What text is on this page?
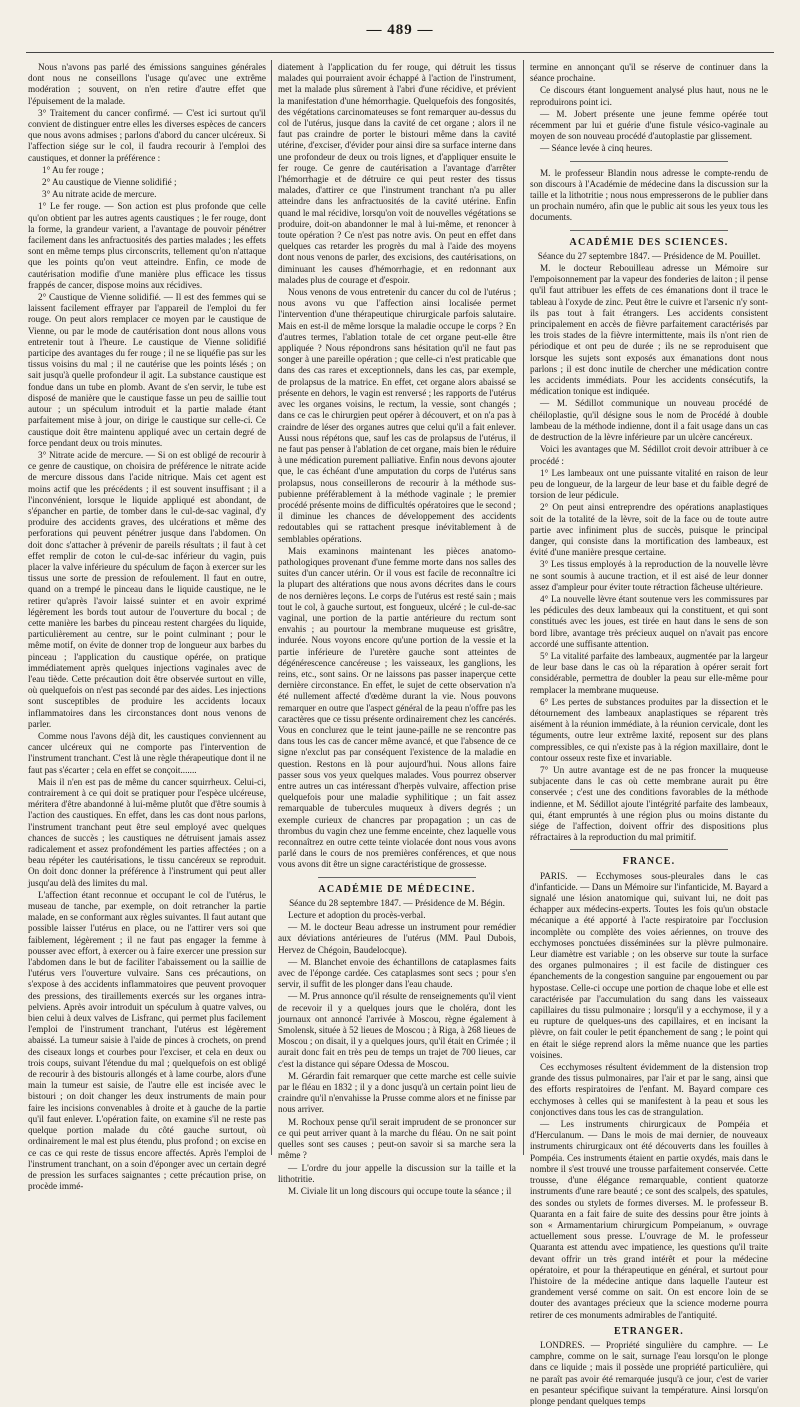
— 489 —

Nous n'avons pas parlé des émissions sanguines générales dont nous ne conseillons l'usage qu'avec une extrême modération ; souvent, on n'en retire d'autre effet que l'épuisement de la malade.

3° Traitement du cancer confirmé. — C'est ici surtout qu'il convient de distinguer entre elles les diverses espèces de cancers que nous avons admises ; parlons d'abord du cancer ulcéreux. Si l'affection siége sur le col, il faudra recourir à l'emploi des caustiques, et donner la préférence :

1° Au fer rouge ;

2° Au caustique de Vienne solidifié ;

3° Au nitrate acide de mercure.

1° Le fer rouge. — Son action est plus profonde que celle qu'on obtient par les autres agents caustiques ; le fer rouge, dont la forme, la grandeur varient, a l'avantage de pouvoir pénétrer facilement dans les anfractuosités des parties malades ; les effets sont en même temps plus circonscrits, tellement qu'on n'attaque que les points qu'on veut atteindre. Enfin, ce mode de cautérisation modifie d'une manière plus efficace les tissus frappés de cancer, dispose moins aux récidives.

2° Caustique de Vienne solidifié. — Il est des femmes qui se laissent facilement effrayer par l'appareil de l'emploi du fer rouge. On peut alors remplacer ce moyen par le caustique de Vienne, ou par le mode de cautérisation dont nous allons vous entretenir tout à l'heure. Le caustique de Vienne solidifié participe des avantages du fer rouge ; il ne se liquéfie pas sur les tissus voisins du mal ; il ne cautérise que les points lésés ; on sait jusqu'à quelle profondeur il agit. La substance caustique est fondue dans un tube en plomb. Avant de s'en servir, le tube est disposé de manière que le caustique fasse un peu de saillie tout autour ; un spéculum introduit et la partie malade étant parfaitement mise à jour, on dirige le caustique sur celle-ci. Ce caustique doit être maintenu appliqué avec un certain degré de force pendant deux ou trois minutes.

3° Nitrate acide de mercure. — Si on est obligé de recourir à ce genre de caustique, on choisira de préférence le nitrate acide de mercure dissous dans l'acide nitrique. Mais cet agent est moins actif que les précédents ; il est souvent insuffisant ; il a l'inconvénient, lorsque le liquide appliqué est abondant, de s'épancher en partie, de tomber dans le cul-de-sac vaginal, d'y produire des accidents graves, des ulcérations et même des perforations qui peuvent pénétrer jusque dans l'abdomen. On doit donc s'attacher à prévenir de pareils résultats ; il faut à cet effet remplir de coton le cul-de-sac inférieur du vagin, puis placer la valve inférieure du spéculum de façon à exercer sur les tissus une sorte de pression de refoulement. Il faut en outre, quand on a trempé le pinceau dans le liquide caustique, ne le retirer qu'après l'avoir laissé suinter et en avoir exprimé légèrement les bords tout autour de l'ouverture du bocal ; de cette manière les barbes du pinceau restent chargées du liquide, particulièrement au centre, sur le point culminant ; pour le même motif, on évite de donner trop de longueur aux barbes du pinceau ; l'application du caustique opérée, on pratique immédiatement après quelques injections vaginales avec de l'eau tiède. Cette précaution doit être observée surtout en ville, où quelquefois on n'est pas secondé par des aides. Les injections sont susceptibles de produire les accidents locaux inflammatoires dans les circonstances dont nous venons de parler.

Comme nous l'avons déjà dit, les caustiques conviennent au cancer ulcéreux qui ne comporte pas l'intervention de l'instrument tranchant. C'est là une règle thérapeutique dont il ne faut pas s'écarter ; cela en effet se conçoit.......

Mais il n'en est pas de même du cancer squirrheux. Celui-ci, contrairement à ce qui doit se pratiquer pour l'espèce ulcéreuse, méritera d'être abandonné à lui-même plutôt que d'être soumis à l'action des caustiques. En effet, dans les cas dont nous parlons, l'instrument tranchant peut être seul employé avec quelques chances de succès ; les caustiques ne détruisent jamais assez radicalement et assez profondément les parties affectées ; on a beau répéter les cautérisations, le tissu cancéreux se reproduit. On doit donc donner la préférence à l'instrument qui peut aller jusqu'au delà des limites du mal.

L'affection étant reconnue et occupant le col de l'utérus, le museau de tanche, par exemple, on doit retrancher la partie malade, en se conformant aux règles suivantes. Il faut autant que possible laisser l'utérus en place, ou ne l'attirer vers soi que faiblement, légèrement ; il ne faut pas engager la femme à pousser avec effort, à exercer ou à faire exercer une pression sur l'abdomen dans le but de faciliter l'abaissement ou la saillie de l'utérus vers l'ouverture vulvaire. Sans ces précautions, on s'expose à des accidents inflammatoires que peuvent provoquer des pressions, des tiraillements exercés sur les organes intra-pelviens. Après avoir introduit un spéculum à quatre valves, ou bien celui à deux valves de Lisfranc, qui permet plus facilement l'emploi de l'instrument tranchant, l'utérus est légèrement abaissé. La tumeur saisie à l'aide de pinces à crochets, on prend des ciseaux longs et courbes pour l'exciser, et cela en deux ou trois coups, suivant l'étendue du mal ; quelquefois on est obligé de recourir à des bistouris allongés et à lame courbe, alors d'une main la tumeur est saisie, de l'autre elle est incisée avec le bistouri ; on doit changer les deux instruments de main pour faire les incisions convenables à droite et à gauche de la partie qu'il faut enlever. L'opération faite, on examine s'il ne reste pas quelque portion malade du côté gauche surtout, où ordinairement le mal est plus étendu, plus profond ; on excise en ce cas ce qui reste de tissus encore affectés. Après l'emploi de l'instrument tranchant, on a soin d'éponger avec un certain degré de pression les surfaces saignantes ; cette précaution prise, on procède immé-

diatement à l'application du fer rouge, qui détruit les tissus malades qui pourraient avoir échappé à l'action de l'instrument, met la malade plus sûrement à l'abri d'une récidive, et prévient la manifestation d'une hémorrhagie. Quelquefois des fongosités, des végétations carcinomateuses se font remarquer au-dessus du col de l'utérus, jusque dans la cavité de cet organe ; alors il ne faut pas craindre de porter le bistouri même dans la cavité utérine, d'exciser, d'évider pour ainsi dire sa surface interne dans une profondeur de deux ou trois lignes, et d'appliquer ensuite le fer rouge. Ce genre de cautérisation a l'avantage d'arrêter l'hémorrhagie et de détruire ce qui peut rester des tissus malades, d'attirer ce que l'instrument tranchant n'a pu aller atteindre dans les anfractuosités de la cavité utérine. Enfin quand le mal récidive, lorsqu'on voit de nouvelles végétations se produire, doit-on abandonner le mal à lui-même, et renoncer à toute opération ? Ce n'est pas notre avis. On peut en effet dans quelques cas retarder les progrès du mal à l'aide des moyens dont nous venons de parler, des excisions, des cautérisations, on diminuant les causes d'hémorrhagie, et en redonnant aux malades plus de courage et d'espoir.

Nous venons de vous entretenir du cancer du col de l'utérus ; nous avons vu que l'affection ainsi localisée permet l'intervention d'une thérapeutique chirurgicale parfois salutaire. Mais en est-il de même lorsque la maladie occupe le corps ? En d'autres termes, l'ablation totale de cet organe peut-elle être appliquée ? Nous répondrons sans hésitation qu'il ne faut pas songer à une pareille opération ; que celle-ci n'est praticable que dans des cas rares et exceptionnels, dans les cas, par exemple, de prolapsus de la matrice. En effet, cet organe alors abaissé se présente en dehors, le vagin est renversé ; les rapports de l'utérus avec les organes voisins, le rectum, la vessie, sont changés ; dans ce cas le chirurgien peut opérer à découvert, et on n'a pas à craindre de léser des organes autres que celui qu'il a fait enlever. Aussi nous répétons que, sauf les cas de prolapsus de l'utérus, il ne faut pas penser à l'ablation de cet organe, mais bien le réduire à une médication purement palliative. Enfin nous devons ajouter que, le cas échéant d'une amputation du corps de l'utérus sans prolapsus, nous conseillerons de recourir à la méthode sus-pubienne préférablement à la méthode vaginale ; le premier procédé présente moins de difficultés opératoires que le second ; il diminue les chances de développement des accidents redoutables qui se rattachent presque inévitablement à de semblables opérations.

Mais examinons maintenant les pièces anatomo-pathologiques provenant d'une femme morte dans nos salles des suites d'un cancer utérin. Or il vous est facile de reconnaître ici la plupart des altérations que nous avons décrites dans le cours de nos dernières leçons. Le corps de l'utérus est resté sain ; mais tout le col, à gauche surtout, est fongueux, ulcéré ; le cul-de-sac vaginal, une portion de la partie antérieure du rectum sont envahis ; au pourtour la membrane muqueuse est grisâtre, indurée. Nous voyons encore qu'une portion de la vessie et la partie inférieure de l'uretère gauche sont atteintes de dégénérescence cancéreuse ; les vaisseaux, les ganglions, les reins, etc., sont sains. Or ne laissons pas passer inaperçue cette dernière circonstance. En effet, le sujet de cette observation n'a été nullement affecté d'œdème durant la vie. Nous pouvons remarquer en outre que l'aspect général de la peau n'offre pas les caractères que ce tissu présente ordinairement chez les cancérés. Vous en conclurez que le teint jaune-paille ne se rencontre pas dans tous les cas de cancer même avancé, et que l'absence de ce signe n'exclut pas par conséquent l'existence de la maladie en question. Restons en là pour aujourd'hui. Nous allons faire passer sous vos yeux quelques malades. Vous pourrez observer entre autres un cas intéressant d'herpès vulvaire, affection prise quelquefois pour une maladie syphilitique ; un fait assez remarquable de tubercules muqueux à divers degrés ; un exemple curieux de chancres par propagation ; un cas de thrombus du vagin chez une femme enceinte, chez laquelle vous reconnaîtrez en outre cette teinte violacée dont nous vous avons parlé dans le cours de nos premières conférences, et que nous vous avons dit être un signe caractéristique de grossesse.

ACADÉMIE DE MÉDECINE.

Séance du 28 septembre 1847. — Présidence de M. Bégin.

Lecture et adoption du procès-verbal.

— M. le docteur Beau adresse un instrument pour remédier aux déviations antérieures de l'utérus (MM. Paul Dubois, Hervez de Chégoin, Baudelocque).

— M. Blanchet envoie des échantillons de cataplasmes faits avec de l'éponge cardée. Ces cataplasmes sont secs ; pour s'en servir, il suffit de les plonger dans l'eau chaude.

— M. Prus annonce qu'il résulte de renseignements qu'il vient de recevoir il y a quelques jours que le choléra, dont les journaux ont annoncé l'arrivée à Moscou, règne également à Smolensk, située à 52 lieues de Moscou ; à Riga, à 268 lieues de Moscou ; on disait, il y a quelques jours, qu'il était en Crimée ; il aurait donc fait en très peu de temps un trajet de 700 lieues, car c'est la distance qui sépare Odessa de Moscou.

M. Gérardin fait remarquer que cette marche est celle suivie par le fléau en 1832 ; il y a donc jusqu'à un certain point lieu de craindre qu'il n'envahisse la Prusse comme alors et ne finisse par nous arriver.

M. Rochoux pense qu'il serait imprudent de se prononcer sur ce qui peut arriver quant à la marche du fléau. On ne sait point quelles sont ses causes ; peut-on savoir si sa marche sera la même ?

— L'ordre du jour appelle la discussion sur la taille et la lithotritie.

M. Civiale lit un long discours qui occupe toute la séance ; il

termine en annonçant qu'il se réserve de continuer dans la séance prochaine.

Ce discours étant longuement analysé plus haut, nous ne le reproduirons point ici.

— M. Jobert présente une jeune femme opérée tout récemment par lui et guérie d'une fistule vésico-vaginale au moyen de son nouveau procédé d'autoplastie par glissement.

— Séance levée à cinq heures.

M. le professeur Blandin nous adresse le compte-rendu de son discours à l'Académie de médecine dans la discussion sur la taille et la lithotritie ; nous nous empresserons de le publier dans un prochain numéro, afin que le public ait sous les yeux tous les documents.

ACADÉMIE DES SCIENCES.

Séance du 27 septembre 1847. — Présidence de M. Pouillet.

M. le docteur Rebouilleau adresse un Mémoire sur l'empoisonnement par la vapeur des fonderies de laiton ; il pense qu'il faut attribuer les effets de ces émanations dont il trace le tableau à l'oxyde de zinc. Peut être le cuivre et l'arsenic n'y sont-ils pas tout à fait étrangers. Les accidents consistent principalement en accès de fièvre parfaitement caractérisés par les trois stades de la fièvre intermittente, mais ils n'ont rien de périodique et ont peu de durée ; ils ne se reproduisent que lorsque les sujets sont exposés aux émanations dont nous parlons ; il est donc inutile de chercher une médication contre les accidents immédiats. Pour les accidents consécutifs, la médication tonique est indiquée.

— M. Sédillot communique un nouveau procédé de chéiloplastie, qu'il désigne sous le nom de Procédé à double lambeau de la méthode indienne, dont il a fait usage dans un cas de destruction de la lèvre inférieure par un ulcère cancéreux.

Voici les avantages que M. Sédillot croit devoir attribuer à ce procédé :

1° Les lambeaux ont une puissante vitalité en raison de leur peu de longueur, de la largeur de leur base et du faible degré de torsion de leur pédicule.

2° On peut ainsi entreprendre des opérations anaplastiques soit de la totalité de la lèvre, soit de la face ou de toute autre partie avec infiniment plus de succès, puisque le principal danger, qui consiste dans la mortification des lambeaux, est évité d'une manière presque certaine.

3° Les tissus employés à la reproduction de la nouvelle lèvre ne sont soumis à aucune traction, et il est aisé de leur donner assez d'ampleur pour éviter toute rétraction fâcheuse ultérieure.

4° La nouvelle lèvre étant soutenue vers les commissures par les pédicules des deux lambeaux qui la constituent, et qui sont constitués avec les joues, est tirée en haut dans le sens de son bord libre, avantage très précieux auquel on n'avait pas encore accordé une suffisante attention.

5° La vitalité parfaite des lambeaux, augmentée par la largeur de leur base dans le cas où la réparation à opérer serait fort considérable, permettra de doubler la peau sur elle-même pour remplacer la membrane muqueuse.

6° Les pertes de substances produites par la dissection et le détournement des lambeaux anaplastiques se réparent très aisément à la réunion immédiate, à la réunion cervicale, dont les téguments, outre leur extrême laxité, reposent sur des plans compressibles, ce qui n'existe pas à la région maxillaire, dont le contour osseux reste fixe et invariable.

7° Un autre avantage est de ne pas froncer la muqueuse subjacente dans le cas où cette membrane aurait pu être conservée ; c'est une des conditions favorables de la méthode indienne, et M. Sédillot ajoute l'intégrité parfaite des lambeaux, qui, étant empruntés à une région plus ou moins distante du siége de l'affection, doivent offrir des dispositions plus réfractaires à la reproduction du mal primitif.

FRANCE.

PARIS. — Ecchymoses sous-pleurales dans le cas d'infanticide. — Dans un Mémoire sur l'infanticide, M. Bayard a signalé une lésion anatomique qui, suivant lui, ne doit pas échapper aux médecins-experts. Toutes les fois qu'un obstacle mécanique a été apporté à l'acte respiratoire par l'occlusion incomplète ou complète des voies aériennes, on trouve des ecchymoses ponctuées disséminées sur la plèvre pulmonaire. Leur diamètre est variable ; on les observe sur toute la surface des organes pulmonaires ; il est facile de distinguer ces épanchements de la congestion sanguine par engouement ou par hypostase. Celle-ci occupe une portion de chaque lobe et elle est caractérisée par l'accumulation du sang dans les vaisseaux capillaires du tissu pulmonaire ; lorsqu'il y a ecchymose, il y a eu rupture de quelques-uns des capillaires, et en incisant la plèvre, on fait couler le petit épanchement de sang ; le point qui en était le siége reprend alors la même nuance que les parties voisines.

Ces ecchymoses résultent évidemment de la distension trop grande des tissus pulmonaires, par l'air et par le sang, ainsi que des efforts respiratoires de l'enfant. M. Bayard compare ces ecchymoses à celles qui se manifestent à la peau et sous les conjonctives dans tous les cas de strangulation.

— Les instruments chirurgicaux de Pompéia et d'Herculanum. — Dans le mois de mai dernier, de nouveaux instruments chirurgicaux ont été découverts dans les fouilles à Pompéia. Ces instruments étaient en partie oxydés, mais dans le nombre il s'est trouvé une trousse parfaitement conservée. Cette trousse, d'une élégance remarquable, contient quatorze instruments d'une rare beauté ; ce sont des scalpels, des spatules, des sondes ou stylets de formes diverses. M. le professeur B. Quaranta en a fait faire de suite des dessins pour être joints à son « Armamentarium chirurgicum Pompeianum, » ouvrage actuellement sous presse. L'ouvrage de M. le professeur Quaranta est attendu avec impatience, les questions qu'il traite devant offrir un très grand intérêt et pour la médecine opératoire, et pour la thérapeutique en général, et surtout pour l'histoire de la médecine antique dans laquelle l'auteur est grandement versé comme on sait. On est encore loin de se douter des avantages précieux que la science moderne pourra retirer de ces monuments admirables de l'antiquité.

ETRANGER.

LONDRES. — Propriété singulière du camphre. — Le camphre, comme on le sait, surnage l'eau lorsqu'on le plonge dans ce liquide ; mais il possède une propriété particulière, qui ne paraît pas avoir été remarquée jusqu'à ce jour, c'est de varier en pesanteur spécifique suivant la température. Ainsi lorsqu'on plonge pendant quelques temps
